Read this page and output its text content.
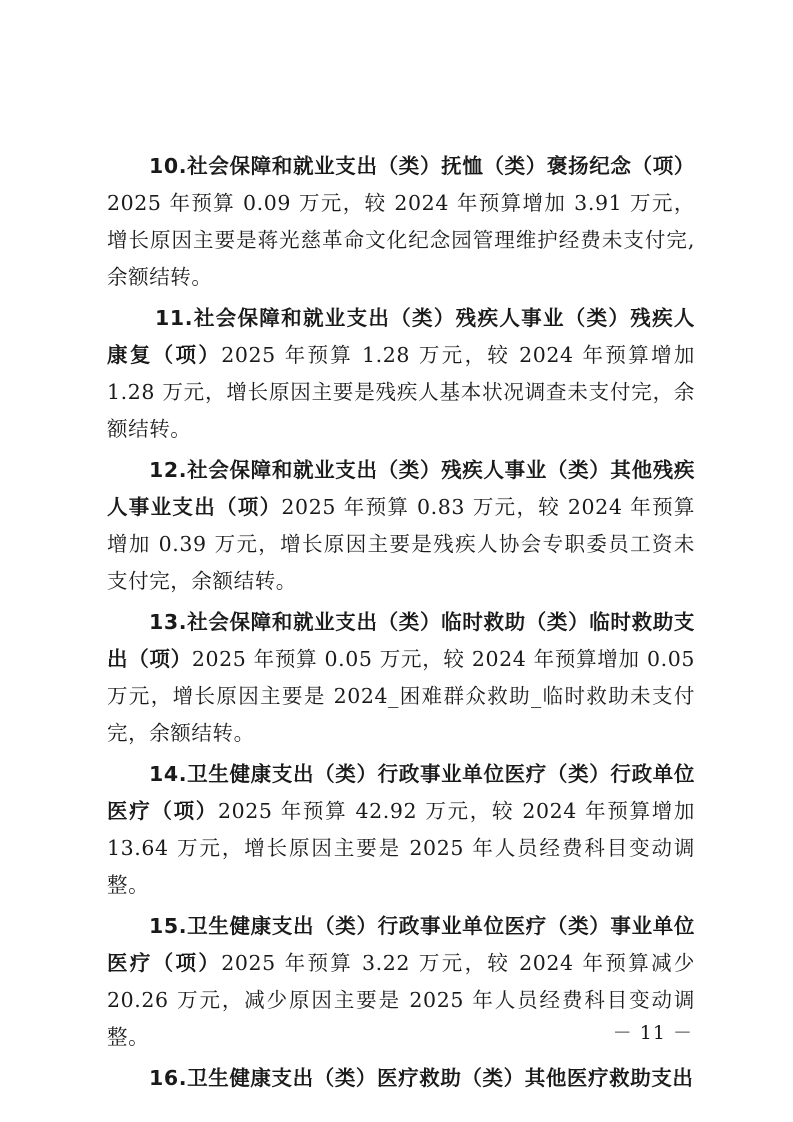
10.社会保障和就业支出（类）抚恤（类）褒扬纪念（项）2025 年预算 0.09 万元，较 2024 年预算增加 3.91 万元，增长原因主要是蒋光慈革命文化纪念园管理维护经费未支付完,余额结转。

11.社会保障和就业支出（类）残疾人事业（类）残疾人康复（项）2025 年预算 1.28 万元，较 2024 年预算增加 1.28 万元，增长原因主要是残疾人基本状况调查未支付完，余额结转。

12.社会保障和就业支出（类）残疾人事业（类）其他残疾人事业支出（项）2025 年预算 0.83 万元，较 2024 年预算增加 0.39 万元，增长原因主要是残疾人协会专职委员工资未支付完，余额结转。

13.社会保障和就业支出（类）临时救助（类）临时救助支出（项）2025 年预算 0.05 万元，较 2024 年预算增加 0.05 万元，增长原因主要是 2024_困难群众救助_临时救助未支付完，余额结转。

14.卫生健康支出（类）行政事业单位医疗（类）行政单位医疗（项）2025 年预算 42.92 万元，较 2024 年预算增加 13.64 万元，增长原因主要是 2025 年人员经费科目变动调整。

15.卫生健康支出（类）行政事业单位医疗（类）事业单位医疗（项）2025 年预算 3.22 万元，较 2024 年预算减少 20.26 万元，减少原因主要是 2025 年人员经费科目变动调整。

16.卫生健康支出（类）医疗救助（类）其他医疗救助支出

－ 11 －
